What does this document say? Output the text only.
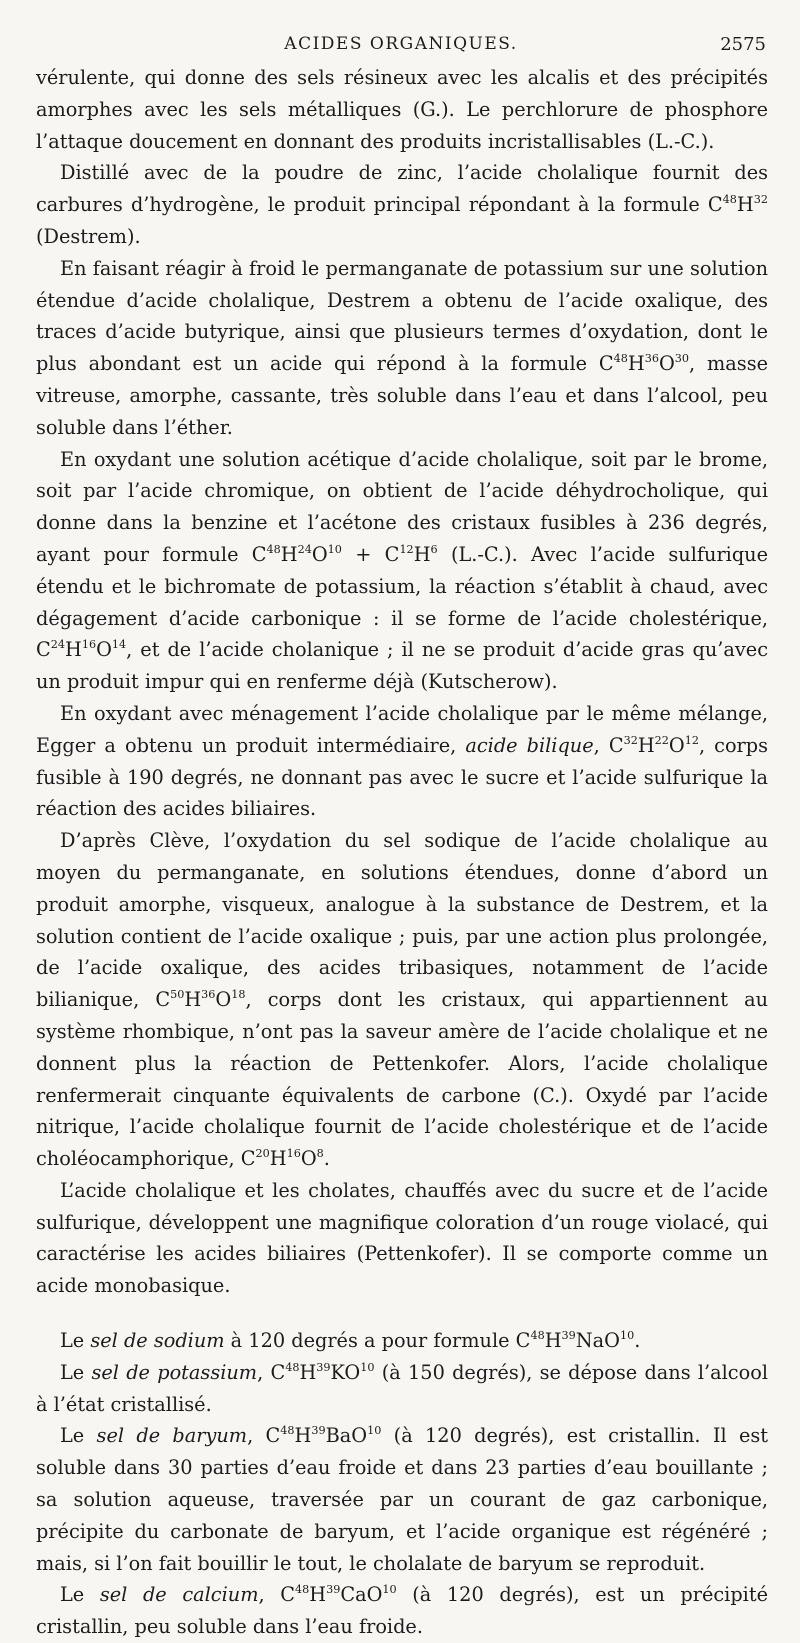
ACIDES ORGANIQUES.	2575

vérulente, qui donne des sels résineux avec les alcalis et des précipités amorphes avec les sels métalliques (G.). Le perchlorure de phosphore l’attaque doucement en donnant des produits incristallisables (L.-C.).

Distillé avec de la poudre de zinc, l’acide cholalique fournit des carbures d’hydrogène, le produit principal répondant à la formule $C^{48}H^{32}$ (Destrem).

En faisant réagir à froid le permanganate de potassium sur une solution étendue d’acide cholalique, Destrem a obtenu de l’acide oxalique, des traces d’acide butyrique, ainsi que plusieurs termes d’oxydation, dont le plus abondant est un acide qui répond à la formule $C^{48}H^{36}O^{30}$, masse vitreuse, amorphe, cassante, très soluble dans l’eau et dans l’alcool, peu soluble dans l’éther.

En oxydant une solution acétique d’acide cholalique, soit par le brome, soit par l’acide chromique, on obtient de l’acide déhydrocholique, qui donne dans la benzine et l’acétone des cristaux fusibles à 236 degrés, ayant pour formule $C^{48}H^{24}O^{10} + C^{12}H^6$ (L.-C.). Avec l’acide sulfurique étendu et le bichromate de potassium, la réaction s’établit à chaud, avec dégagement d’acide carbonique : il se forme de l’acide cholestérique, $C^{24}H^{16}O^{14}$, et de l’acide cholanique ; il ne se produit d’acide gras qu’avec un produit impur qui en renferme déjà (Kutscherow).

En oxydant avec ménagement l’acide cholalique par le même mélange, Egger a obtenu un produit intermédiaire, acide bilique, $C^{32}H^{22}O^{12}$, corps fusible à 190 degrés, ne donnant pas avec le sucre et l’acide sulfurique la réaction des acides biliaires.

D’après Clève, l’oxydation du sel sodique de l’acide cholalique au moyen du permanganate, en solutions étendues, donne d’abord un produit amorphe, visqueux, analogue à la substance de Destrem, et la solution contient de l’acide oxalique ; puis, par une action plus prolongée, de l’acide oxalique, des acides tribasiques, notamment de l’acide bilianique, $C^{50}H^{36}O^{18}$, corps dont les cristaux, qui appartiennent au système rhombique, n’ont pas la saveur amère de l’acide cholalique et ne donnent plus la réaction de Pettenkofer. Alors, l’acide cholalique renfermerait cinquante équivalents de carbone (C.). Oxydé par l’acide nitrique, l’acide cholalique fournit de l’acide cholestérique et de l’acide choléocamphorique, $C^{20}H^{16}O^8$.

L’acide cholalique et les cholates, chauffés avec du sucre et de l’acide sulfurique, développent une magnifique coloration d’un rouge violacé, qui caractérise les acides biliaires (Pettenkofer). Il se comporte comme un acide monobasique.

Le sel de sodium à 120 degrés a pour formule $C^{48}H^{39}NaO^{10}$.

Le sel de potassium, $C^{48}H^{39}KO^{10}$ (à 150 degrés), se dépose dans l’alcool à l’état cristallisé.

Le sel de baryum, $C^{48}H^{39}BaO^{10}$ (à 120 degrés), est cristallin. Il est soluble dans 30 parties d’eau froide et dans 23 parties d’eau bouillante ; sa solution aqueuse, traversée par un courant de gaz carbonique, précipite du carbonate de baryum, et l’acide organique est régénéré ; mais, si l’on fait bouillir le tout, le cholalate de baryum se reproduit.

Le sel de calcium, $C^{48}H^{39}CaO^{10}$ (à 120 degrés), est un précipité cristallin, peu soluble dans l’eau froide.
